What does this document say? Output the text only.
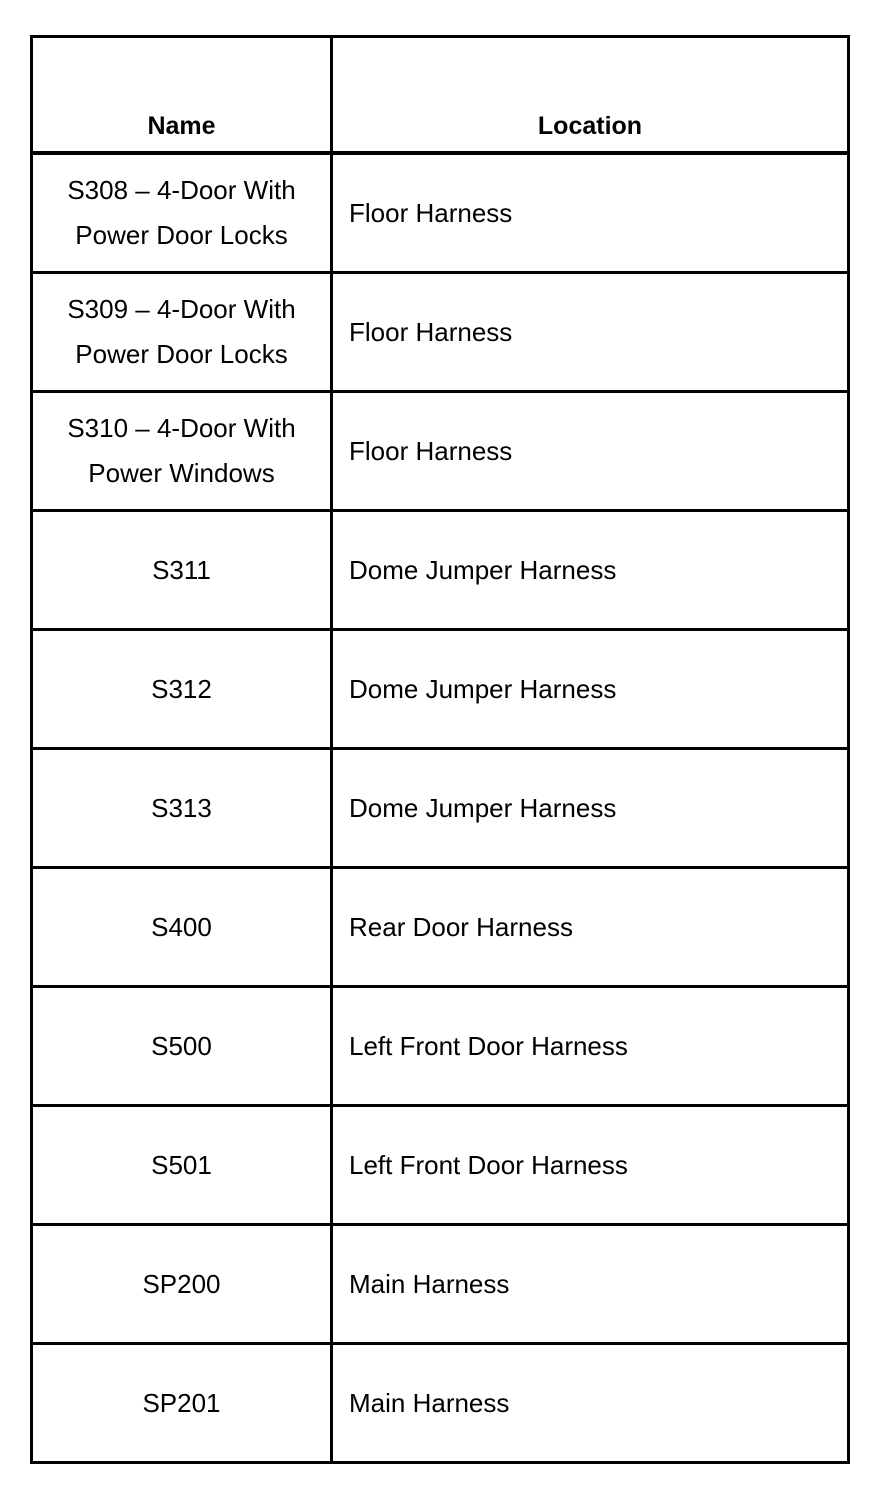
Name	Location
S308 – 4-Door With Power Door Locks	Floor Harness
S309 – 4-Door With Power Door Locks	Floor Harness
S310 – 4-Door With Power Windows	Floor Harness
S311	Dome Jumper Harness
S312	Dome Jumper Harness
S313	Dome Jumper Harness
S400	Rear Door Harness
S500	Left Front Door Harness
S501	Left Front Door Harness
SP200	Main Harness
SP201	Main Harness
